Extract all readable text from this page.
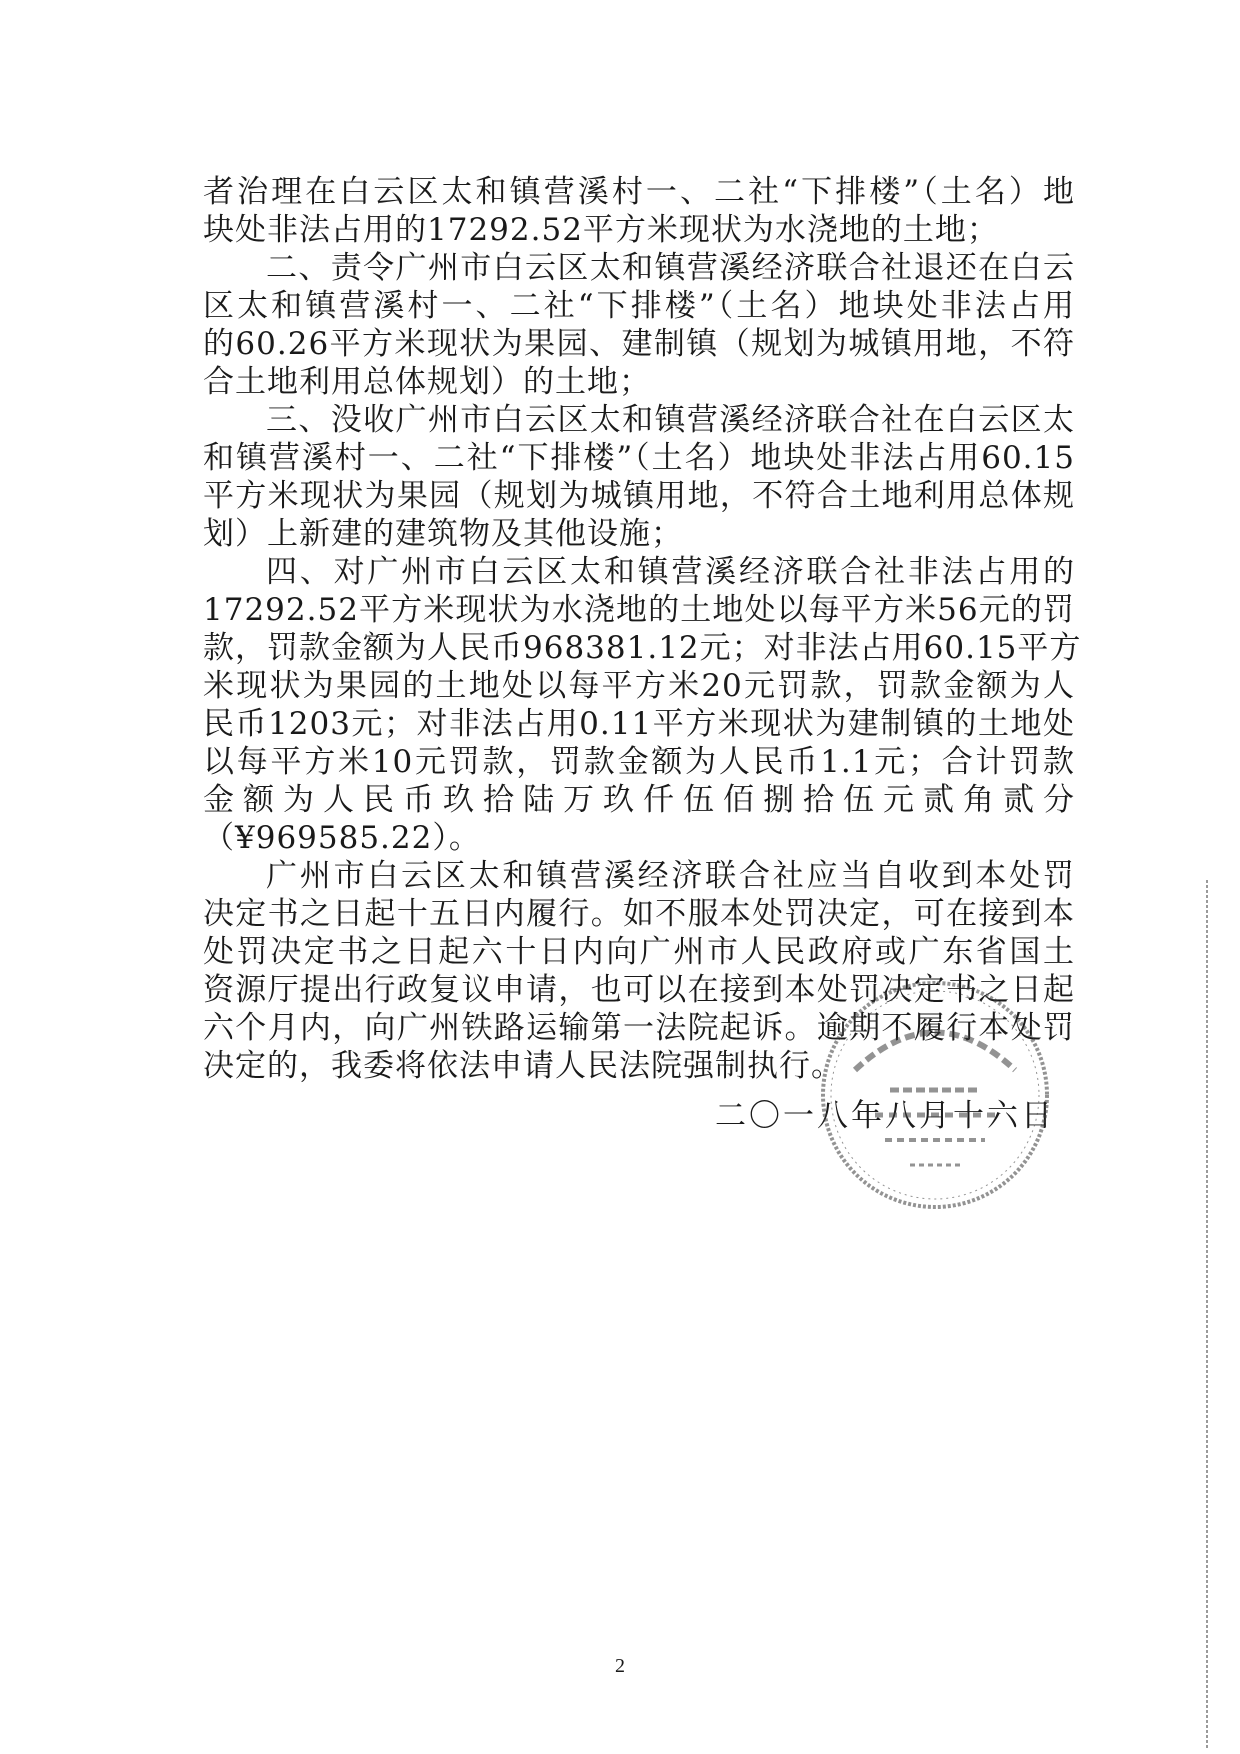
者治理在白云区太和镇营溪村一、二社“下排楼”（土名）地
块处非法占用的17292.52平方米现状为水浇地的土地；
二、责令广州市白云区太和镇营溪经济联合社退还在白云
区太和镇营溪村一、二社“下排楼”（土名）地块处非法占用
的60.26平方米现状为果园、建制镇（规划为城镇用地，不符
合土地利用总体规划）的土地；
三、没收广州市白云区太和镇营溪经济联合社在白云区太
和镇营溪村一、二社“下排楼”（土名）地块处非法占用60.15
平方米现状为果园（规划为城镇用地，不符合土地利用总体规
划）上新建的建筑物及其他设施；
四、对广州市白云区太和镇营溪经济联合社非法占用的
17292.52平方米现状为水浇地的土地处以每平方米56元的罚
款，罚款金额为人民币968381.12元；对非法占用60.15平方
米现状为果园的土地处以每平方米20元罚款，罚款金额为人
民币1203元；对非法占用0.11平方米现状为建制镇的土地处
以每平方米10元罚款，罚款金额为人民币1.1元；合计罚款
金额为人民币玖拾陆万玖仟伍佰捌拾伍元贰角贰分
（¥969585.22）。
广州市白云区太和镇营溪经济联合社应当自收到本处罚
决定书之日起十五日内履行。如不服本处罚决定，可在接到本
处罚决定书之日起六十日内向广州市人民政府或广东省国土
资源厅提出行政复议申请，也可以在接到本处罚决定书之日起
六个月内，向广州铁路运输第一法院起诉。逾期不履行本处罚
决定的，我委将依法申请人民法院强制执行。
二〇一八年八月十六日
2
